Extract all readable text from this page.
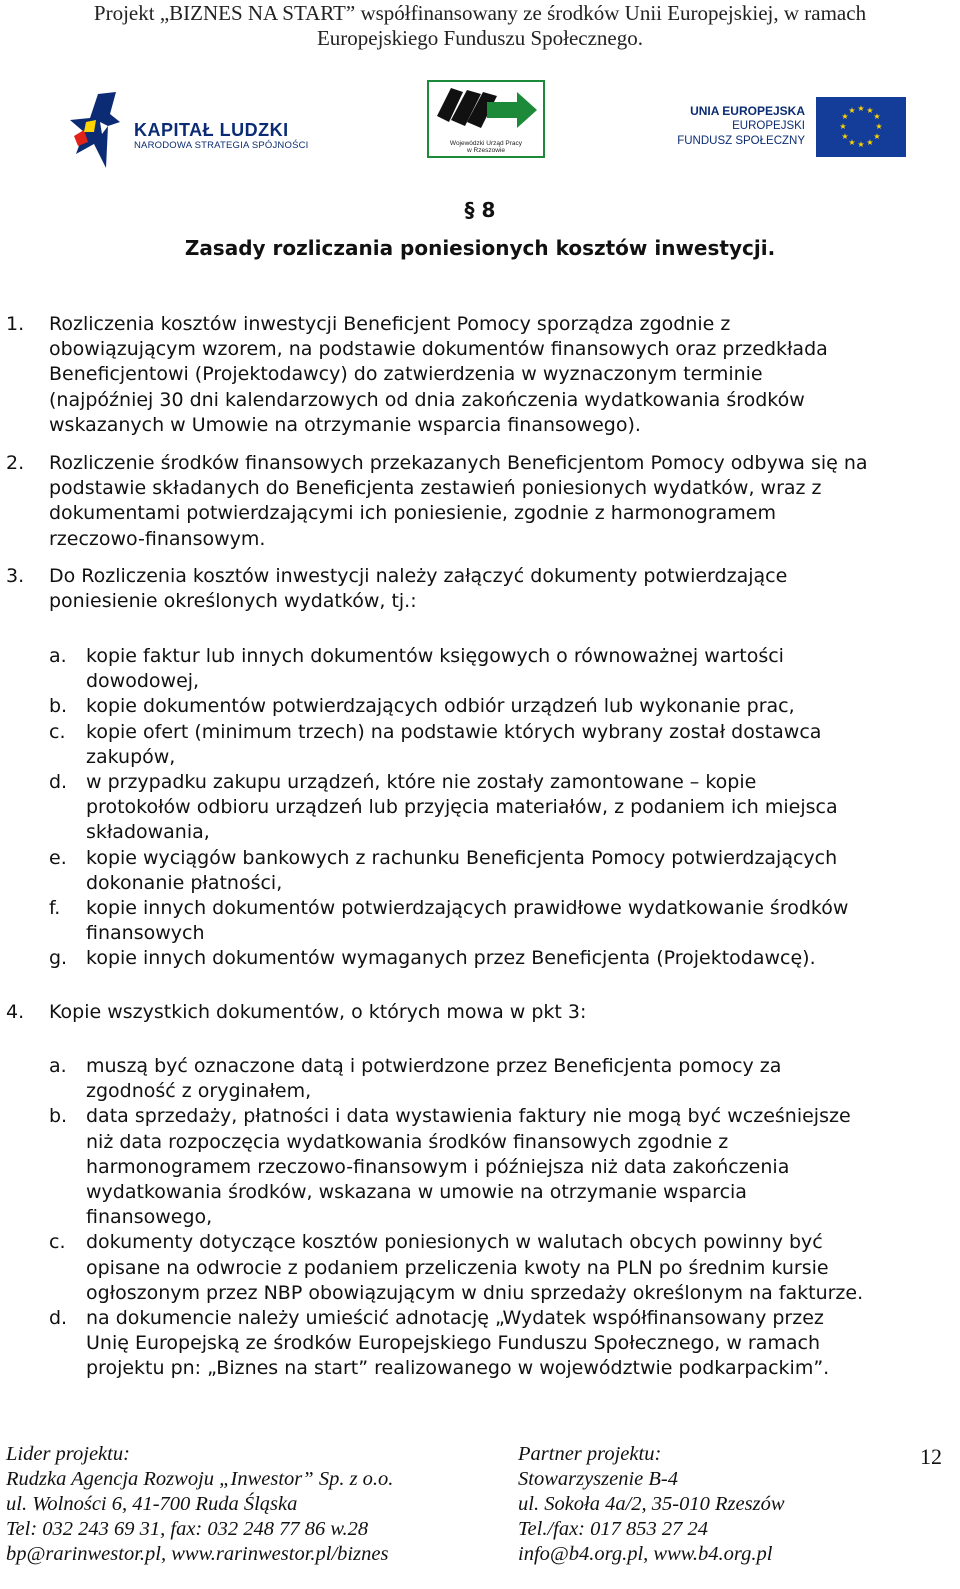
Projekt „BIZNES NA START” współfinansowany ze środków Unii Europejskiej, w ramach
Europejskiego Funduszu Społecznego.
KAPITAŁ LUDZKI
NARODOWA STRATEGIA SPÓJNOŚCI	Wojewódzki Urząd Pracy
w Rzeszowie
UNIA EUROPEJSKA
EUROPEJSKI
FUNDUSZ SPOŁECZNY
★ ★
★
★
★
★
★
★
★
★
★
★
§ 8
Zasady rozliczania poniesionych kosztów inwestycji.
1. Rozliczenia kosztów inwestycji Beneficjent Pomocy sporządza zgodnie z
obowiązującym wzorem, na podstawie dokumentów finansowych oraz przedkłada
Beneficjentowi (Projektodawcy) do zatwierdzenia w wyznaczonym terminie
(najpóźniej 30 dni kalendarzowych od dnia zakończenia wydatkowania środków
wskazanych w Umowie na otrzymanie wsparcia finansowego).
2. Rozliczenie środków finansowych przekazanych Beneficjentom Pomocy odbywa się na
podstawie składanych do Beneficjenta zestawień poniesionych wydatków, wraz z
dokumentami potwierdzającymi ich poniesienie, zgodnie z harmonogramem
rzeczowo-finansowym.
3. Do Rozliczenia kosztów inwestycji należy załączyć dokumenty potwierdzające
poniesienie określonych wydatków, tj.:
a. kopie faktur lub innych dokumentów księgowych o równoważnej wartości
dowodowej,
b. kopie dokumentów potwierdzających odbiór urządzeń lub wykonanie prac,
c. kopie ofert (minimum trzech) na podstawie których wybrany został dostawca
zakupów,
d. w przypadku zakupu urządzeń, które nie zostały zamontowane – kopie
protokołów odbioru urządzeń lub przyjęcia materiałów, z podaniem ich miejsca
składowania,
e. kopie wyciągów bankowych z rachunku Beneficjenta Pomocy potwierdzających
dokonanie płatności,
f. kopie innych dokumentów potwierdzających prawidłowe wydatkowanie środków
finansowych
g. kopie innych dokumentów wymaganych przez Beneficjenta (Projektodawcę).
4. Kopie wszystkich dokumentów, o których mowa w pkt 3:
a. muszą być oznaczone datą i potwierdzone przez Beneficjenta pomocy za
zgodność z oryginałem,
b. data sprzedaży, płatności i data wystawienia faktury nie mogą być wcześniejsze
niż data rozpoczęcia wydatkowania środków finansowych zgodnie z
harmonogramem rzeczowo-finansowym i późniejsza niż data zakończenia
wydatkowania środków, wskazana w umowie na otrzymanie wsparcia
finansowego,
c. dokumenty dotyczące kosztów poniesionych w walutach obcych powinny być
opisane na odwrocie z podaniem przeliczenia kwoty na PLN po średnim kursie
ogłoszonym przez NBP obowiązującym w dniu sprzedaży określonym na fakturze.
d. na dokumencie należy umieścić adnotację „Wydatek współfinansowany przez
Unię Europejską ze środków Europejskiego Funduszu Społecznego, w ramach
projektu pn: „Biznes na start” realizowanego w województwie podkarpackim”.
Lider projektu:
Rudzka Agencja Rozwoju „Inwestor” Sp. z o.o.
ul. Wolności 6, 41-700 Ruda Śląska
Tel: 032 243 69 31, fax: 032 248 77 86 w.28
bp@rarinwestor.pl, www.rarinwestor.pl/biznes
Partner projektu:
Stowarzyszenie B-4
ul. Sokoła 4a/2, 35-010 Rzeszów
Tel./fax: 017 853 27 24
info@b4.org.pl, www.b4.org.pl
12
